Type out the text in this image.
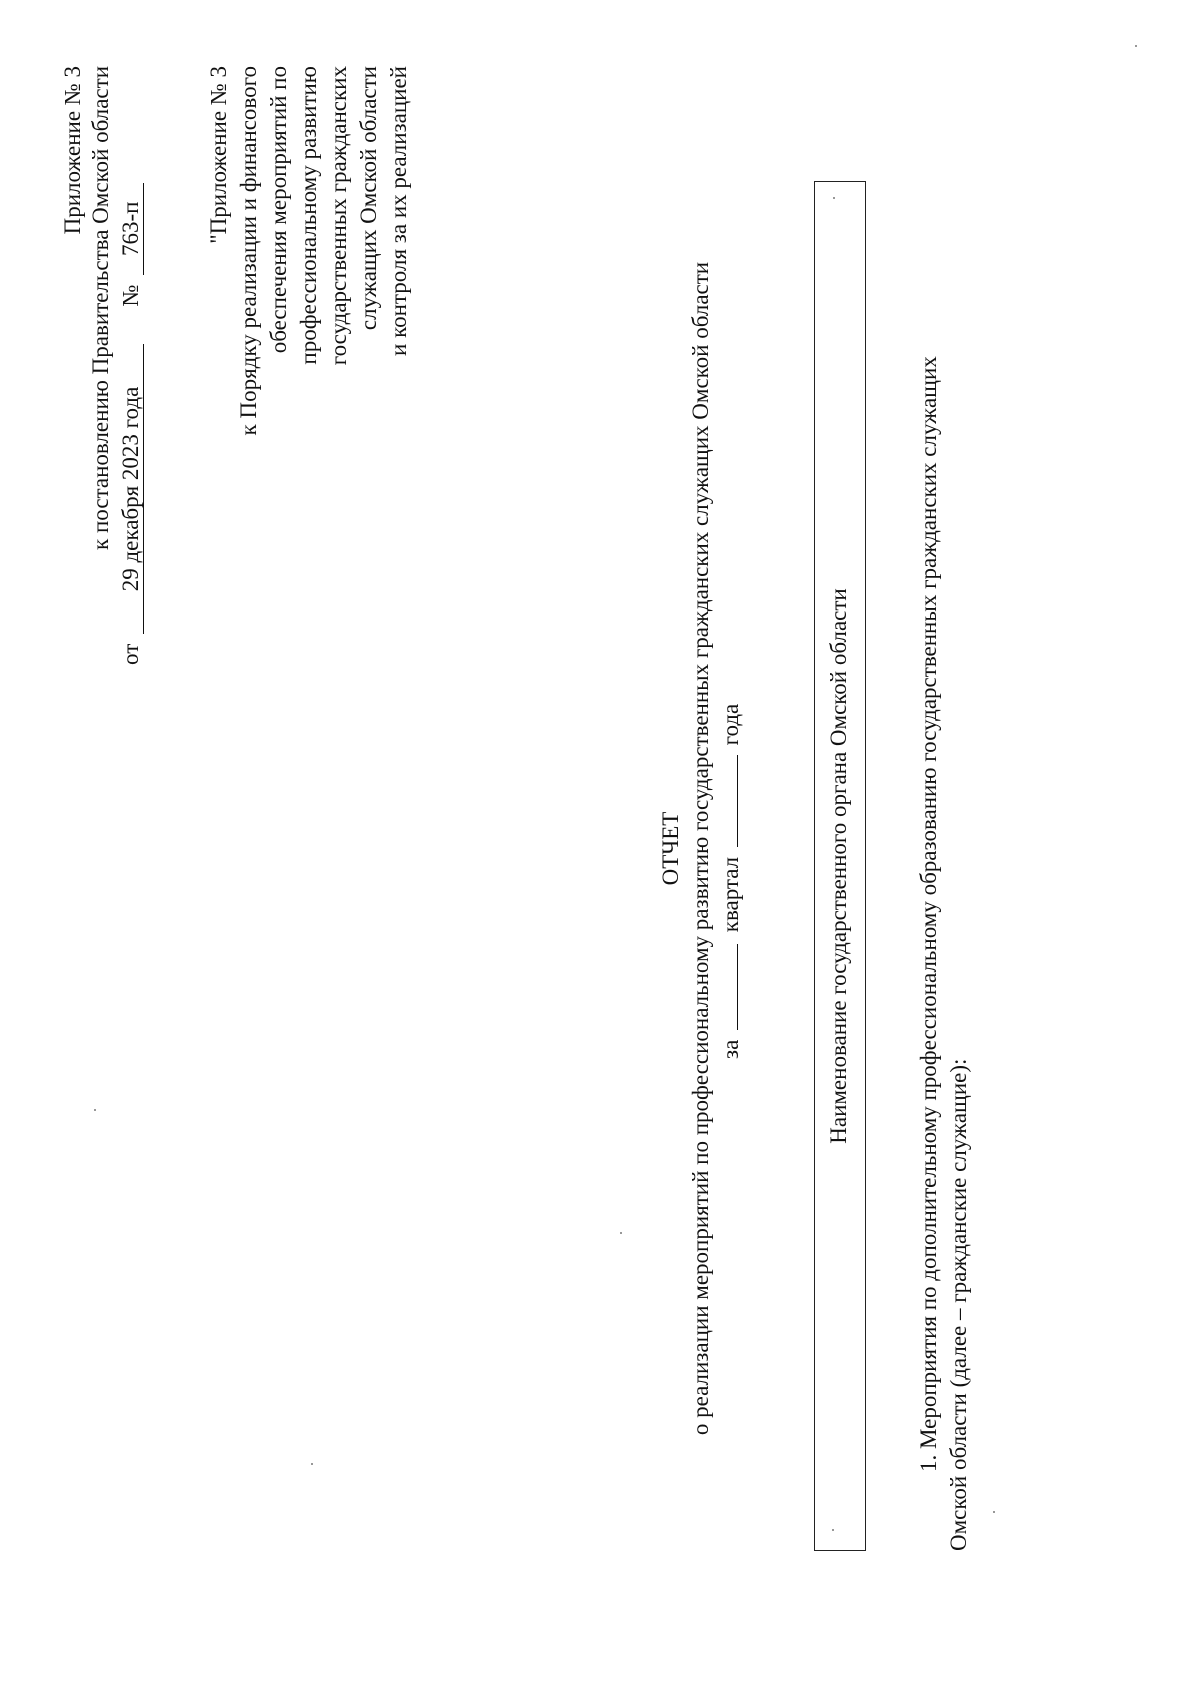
Приложение № 3 к постановлению Правительства Омской области
от 29 декабря 2023 года  № 763-п	"Приложение № 3 к Порядку реализации и финансового обеспечения мероприятий по профессиональному развитию государственных гражданских служащих Омской области и контроля за их реализацией
ОТЧЕТ о реализации мероприятий по профессиональному развитию государственных гражданских служащих Омской области за  квартал  года	Наименование государственного органа Омской области	1. Мероприятия по дополнительному профессиональному образованию государственных гражданских служащих Омской области (далее – гражданские служащие):
